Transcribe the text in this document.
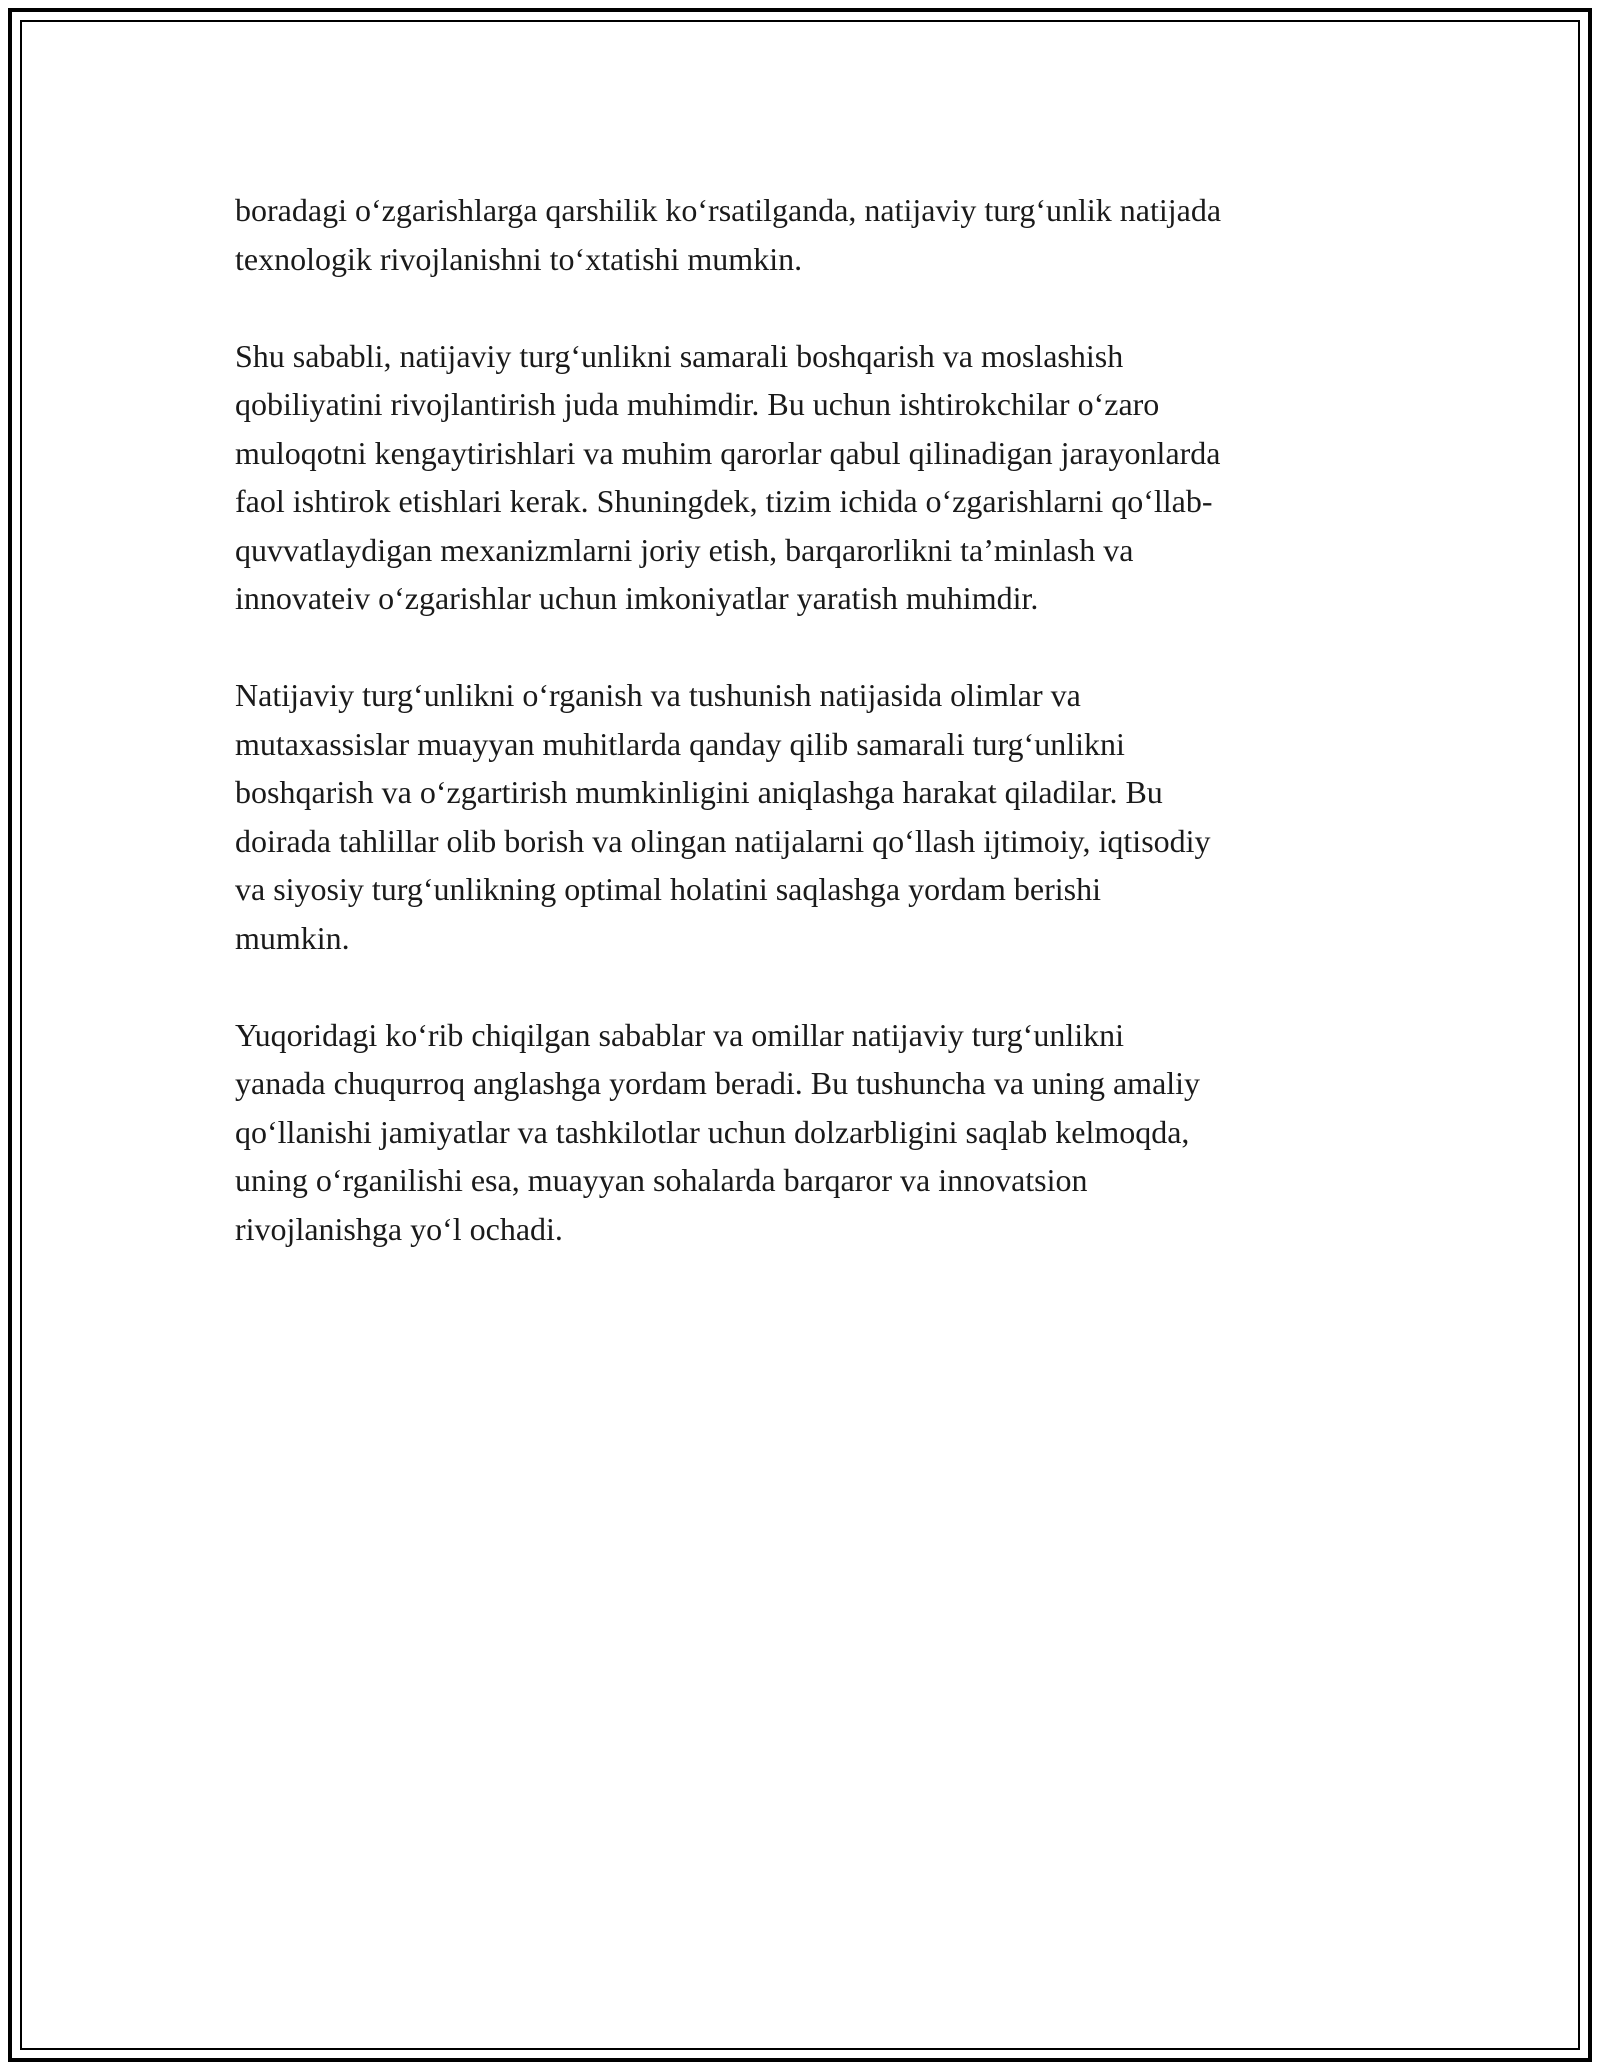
boradagi o‘zgarishlarga qarshilik ko‘rsatilganda, natijaviy turg‘unlik natijada
texnologik rivojlanishni to‘xtatishi mumkin.

Shu sababli, natijaviy turg‘unlikni samarali boshqarish va moslashish
qobiliyatini rivojlantirish juda muhimdir. Bu uchun ishtirokchilar o‘zaro
muloqotni kengaytirishlari va muhim qarorlar qabul qilinadigan jarayonlarda
faol ishtirok etishlari kerak. Shuningdek, tizim ichida o‘zgarishlarni qo‘llab-
quvvatlaydigan mexanizmlarni joriy etish, barqarorlikni ta’minlash va
innovateiv o‘zgarishlar uchun imkoniyatlar yaratish muhimdir.

Natijaviy turg‘unlikni o‘rganish va tushunish natijasida olimlar va
mutaxassislar muayyan muhitlarda qanday qilib samarali turg‘unlikni
boshqarish va o‘zgartirish mumkinligini aniqlashga harakat qiladilar. Bu
doirada tahlillar olib borish va olingan natijalarni qo‘llash ijtimoiy, iqtisodiy
va siyosiy turg‘unlikning optimal holatini saqlashga yordam berishi
mumkin.

Yuqoridagi ko‘rib chiqilgan sabablar va omillar natijaviy turg‘unlikni
yanada chuqurroq anglashga yordam beradi. Bu tushuncha va uning amaliy
qo‘llanishi jamiyatlar va tashkilotlar uchun dolzarbligini saqlab kelmoqda,
uning o‘rganilishi esa, muayyan sohalarda barqaror va innovatsion
rivojlanishga yo‘l ochadi.
